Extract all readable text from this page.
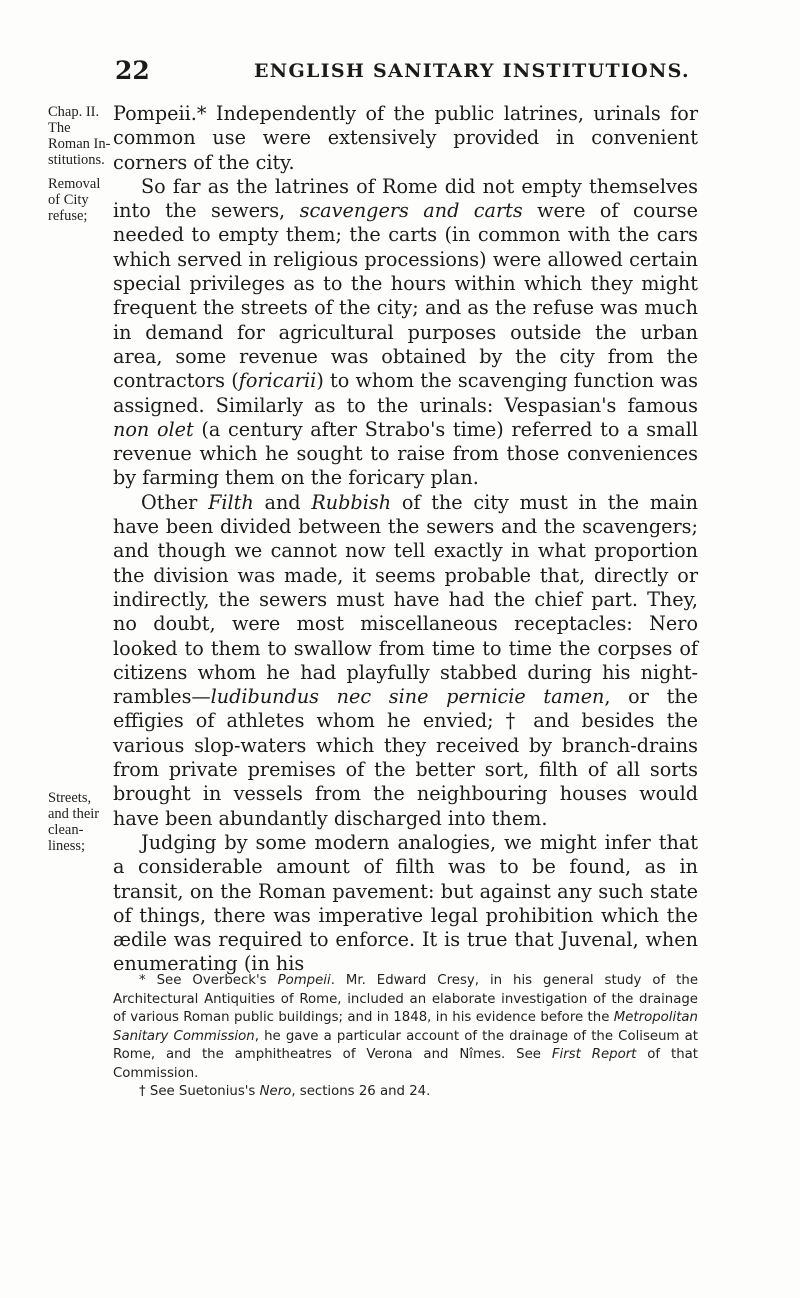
22	ENGLISH SANITARY INSTITUTIONS.
Chap. II.
The
Roman In-
stitutions.
Removal
of City
refuse;
Streets,
and their
clean-
liness;

Pompeii.* Independently of the public latrines, urinals for common use were extensively provided in convenient corners of the city.

So far as the latrines of Rome did not empty themselves into the sewers, scavengers and carts were of course needed to empty them; the carts (in common with the cars which served in religious processions) were allowed certain special privileges as to the hours within which they might frequent the streets of the city; and as the refuse was much in demand for agricultural purposes outside the urban area, some revenue was obtained by the city from the contractors (foricarii) to whom the scavenging function was assigned. Similarly as to the urinals: Vespasian's famous non olet (a century after Strabo's time) referred to a small revenue which he sought to raise from those conveniences by farming them on the foricary plan.

Other Filth and Rubbish of the city must in the main have been divided between the sewers and the scavengers; and though we cannot now tell exactly in what proportion the division was made, it seems probable that, directly or indirectly, the sewers must have had the chief part. They, no doubt, were most miscellaneous receptacles: Nero looked to them to swallow from time to time the corpses of citizens whom he had playfully stabbed during his night-rambles—ludibundus nec sine pernicie tamen, or the effigies of athletes whom he envied; † and besides the various slop-waters which they received by branch-drains from private premises of the better sort, filth of all sorts brought in vessels from the neighbouring houses would have been abundantly discharged into them.

Judging by some modern analogies, we might infer that a considerable amount of filth was to be found, as in transit, on the Roman pavement: but against any such state of things, there was imperative legal prohibition which the ædile was required to enforce. It is true that Juvenal, when enumerating (in his

* See Overbeck's Pompeii. Mr. Edward Cresy, in his general study of the Architectural Antiquities of Rome, included an elaborate investigation of the drainage of various Roman public buildings; and in 1848, in his evidence before the Metropolitan Sanitary Commission, he gave a particular account of the drainage of the Coliseum at Rome, and the amphitheatres of Verona and Nîmes. See First Report of that Commission.

† See Suetonius's Nero, sections 26 and 24.
